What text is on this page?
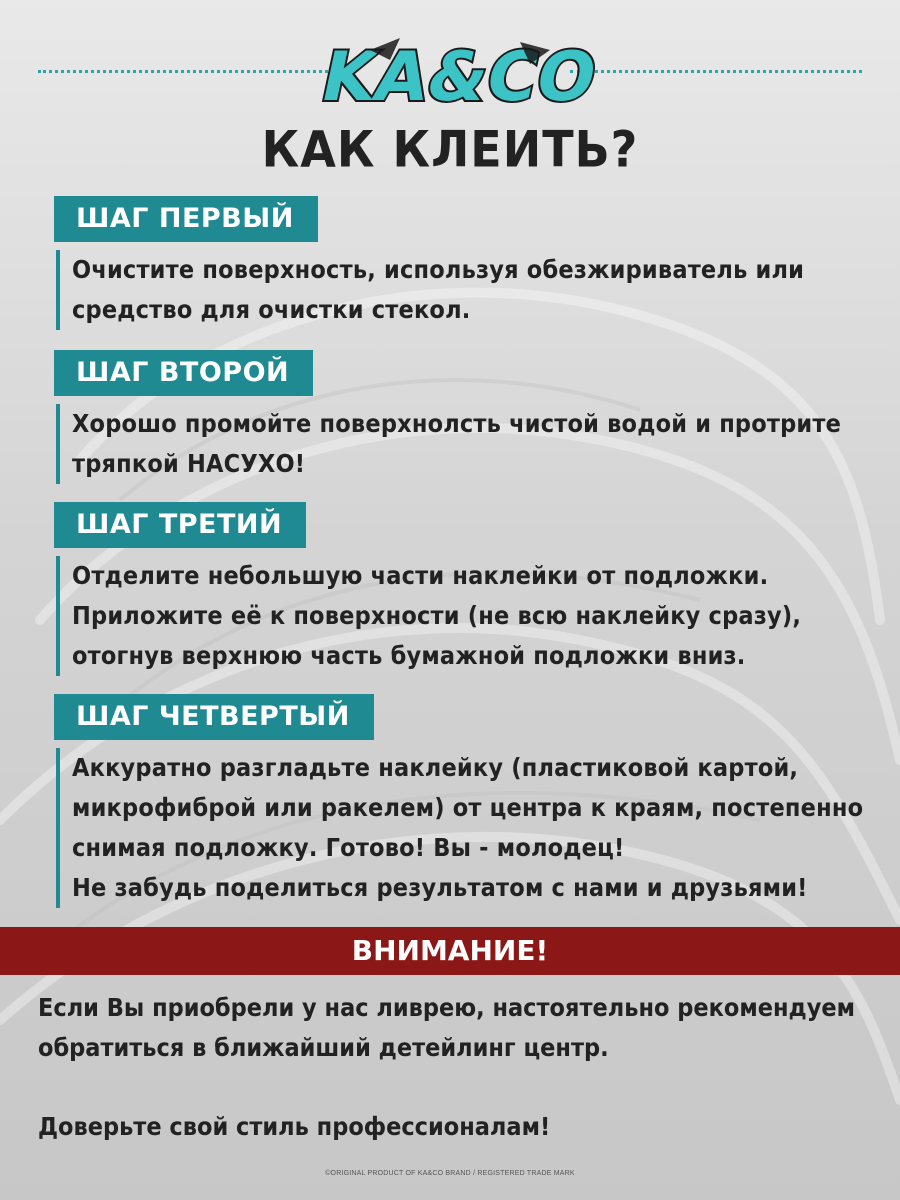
KA&CO
КАК КЛЕИТЬ?
ШАГ ПЕРВЫЙ
Очистите поверхность, используя обезжириватель или
средство для очистки стекол.
ШАГ ВТОРОЙ
Хорошо промойте поверхнолсть чистой водой и протрите
тряпкой НАСУХО!
ШАГ ТРЕТИЙ
Отделите небольшую части наклейки от подложки.
Приложите её к поверхности (не всю наклейку сразу),
отогнув верхнюю часть бумажной подложки вниз.
ШАГ ЧЕТВЕРТЫЙ
Аккуратно разгладьте наклейку (пластиковой картой,
микрофиброй или ракелем) от центра к краям, постепенно
снимая подложку. Готово! Вы - молодец!
Не забудь поделиться результатом с нами и друзьями!
ВНИМАНИЕ!
Если Вы приобрели у нас ливрею, настоятельно рекомендуем
обратиться в ближайший детейлинг центр.
Доверьте свой стиль профессионалам!
©ORIGINAL PRODUCT OF KA&CO BRAND / REGISTERED TRADE MARK
